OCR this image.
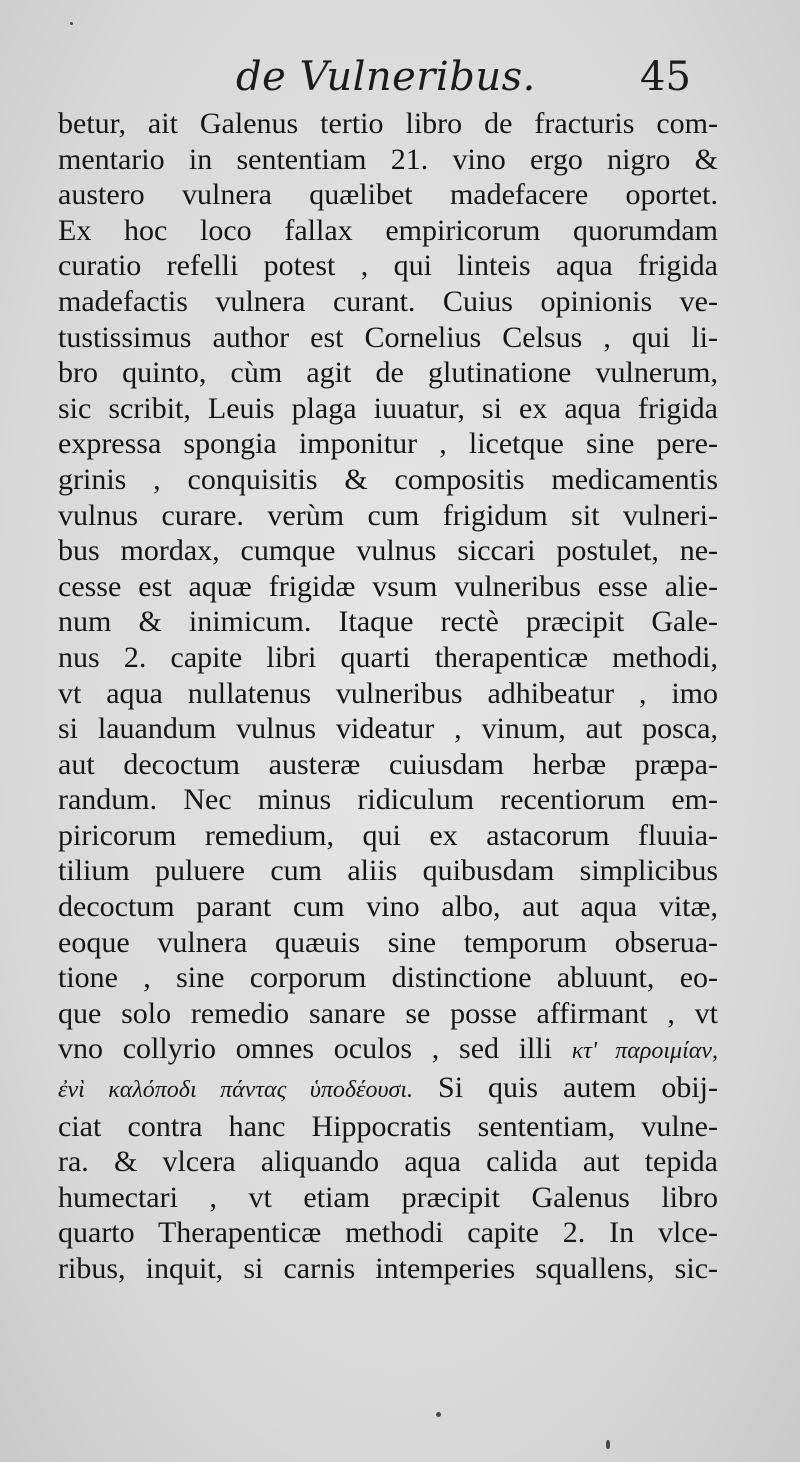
de Vulneribus.	45
betur, ait Galenus tertio libro de fracturis com-
mentario in sententiam 21. vino ergo nigro &
austero vulnera quælibet madefacere oportet.
Ex hoc loco fallax empiricorum quorumdam
curatio refelli potest , qui linteis aqua frigida
madefactis vulnera curant. Cuius opinionis ve-
tustissimus author est Cornelius Celsus , qui li-
bro quinto, cùm agit de glutinatione vulnerum,
sic scribit, Leuis plaga iuuatur, si ex aqua frigida
expressa spongia imponitur , licetque sine pere-
grinis , conquisitis & compositis medicamentis
vulnus curare. verùm cum frigidum sit vulneri-
bus mordax, cumque vulnus siccari postulet, ne-
cesse est aquæ frigidæ vsum vulneribus esse alie-
num & inimicum. Itaque rectè præcipit Gale-
nus 2. capite libri quarti therapenticæ methodi,
vt aqua nullatenus vulneribus adhibeatur , imo
si lauandum vulnus videatur , vinum, aut posca,
aut decoctum austeræ cuiusdam herbæ præpa-
randum. Nec minus ridiculum recentiorum em-
piricorum remedium, qui ex astacorum fluuia-
tilium puluere cum aliis quibusdam simplicibus
decoctum parant cum vino albo, aut aqua vitæ,
eoque vulnera quæuis sine temporum obserua-
tione , sine corporum distinctione abluunt, eo-
que solo remedio sanare se posse affirmant , vt
vno collyrio omnes oculos , sed illi κτ' παροιμίαν,
ἐνὶ καλόποδι πάντας ὑποδέουσι. Si quis autem obij-
ciat contra hanc Hippocratis sententiam, vulne-
ra. & vlcera aliquando aqua calida aut tepida
humectari , vt etiam præcipit Galenus libro
quarto Therapenticæ methodi capite 2. In vlce-
ribus, inquit, si carnis intemperies squallens, sic-
